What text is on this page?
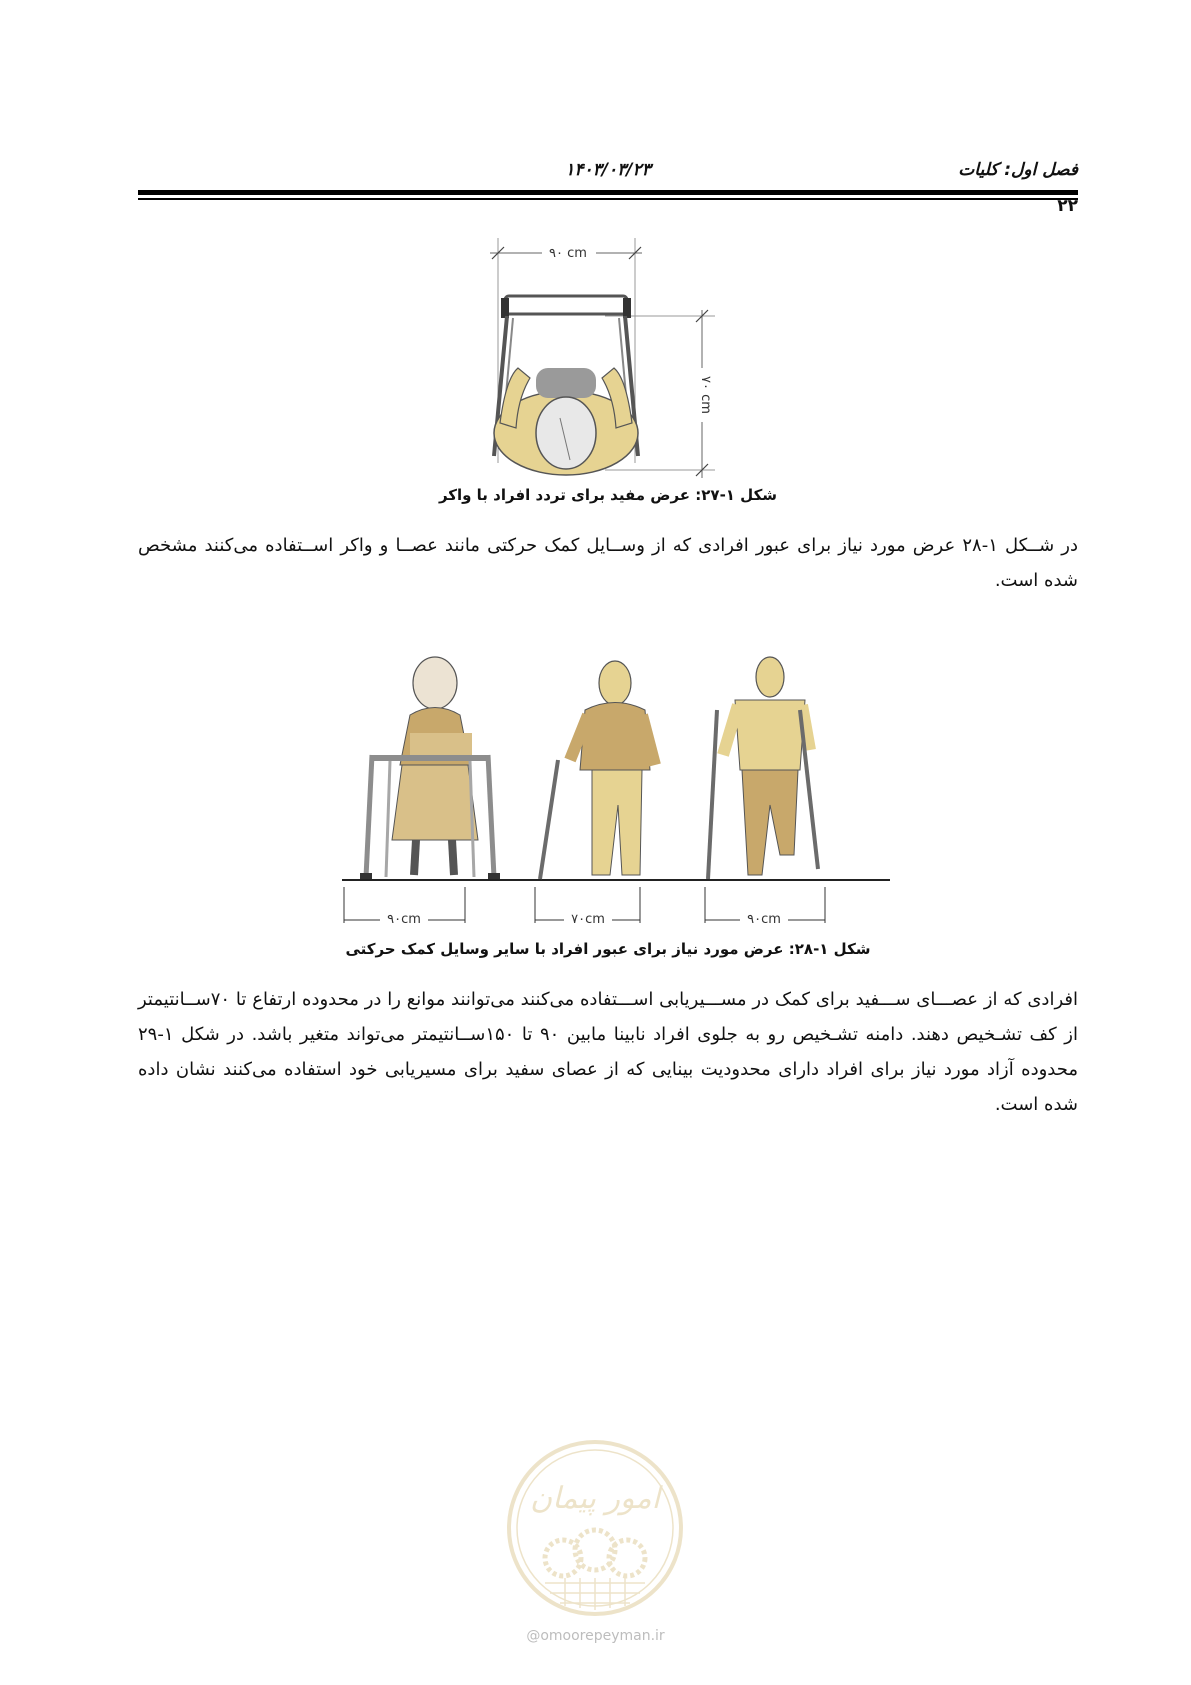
فصل اول: کلیات
۱۴۰۳/۰۳/۲۳
۲۲
۹۰ cm
۷۰ cm
شکل ۱-۲۷: عرض مفید برای تردد افراد با واکر
در شــکل ۱-۲۸ عرض مورد نیاز برای عبور افرادی که از وســایل کمک حرکتی مانند عصــا و واکر اســتفاده می‌کنند مشخص شده است.
۹۰cm	۷۰cm	۹۰cm
شکل ۱-۲۸: عرض مورد نیاز برای عبور افراد با سایر وسایل کمک حرکتی
افرادی که از عصـــای ســـفید برای کمک در مســـیریابی اســـتفاده می‌کنند می‌توانند موانع را در محدوده ارتفاع تا ۷۰ســانتیمتر از کف تشـخیص دهند. دامنه تشـخیص رو به جلوی افراد نابینا مابین ۹۰ تا ۱۵۰ســانتیمتر می‌تواند متغیر باشد. در شکل ۱-۲۹ محدوده آزاد مورد نیاز برای افراد دارای محدودیت بینایی که از عصای سفید برای مسیریابی خود استفاده می‌کنند نشان داده شده است.
امور پیمان
@omoorepeyman.ir
